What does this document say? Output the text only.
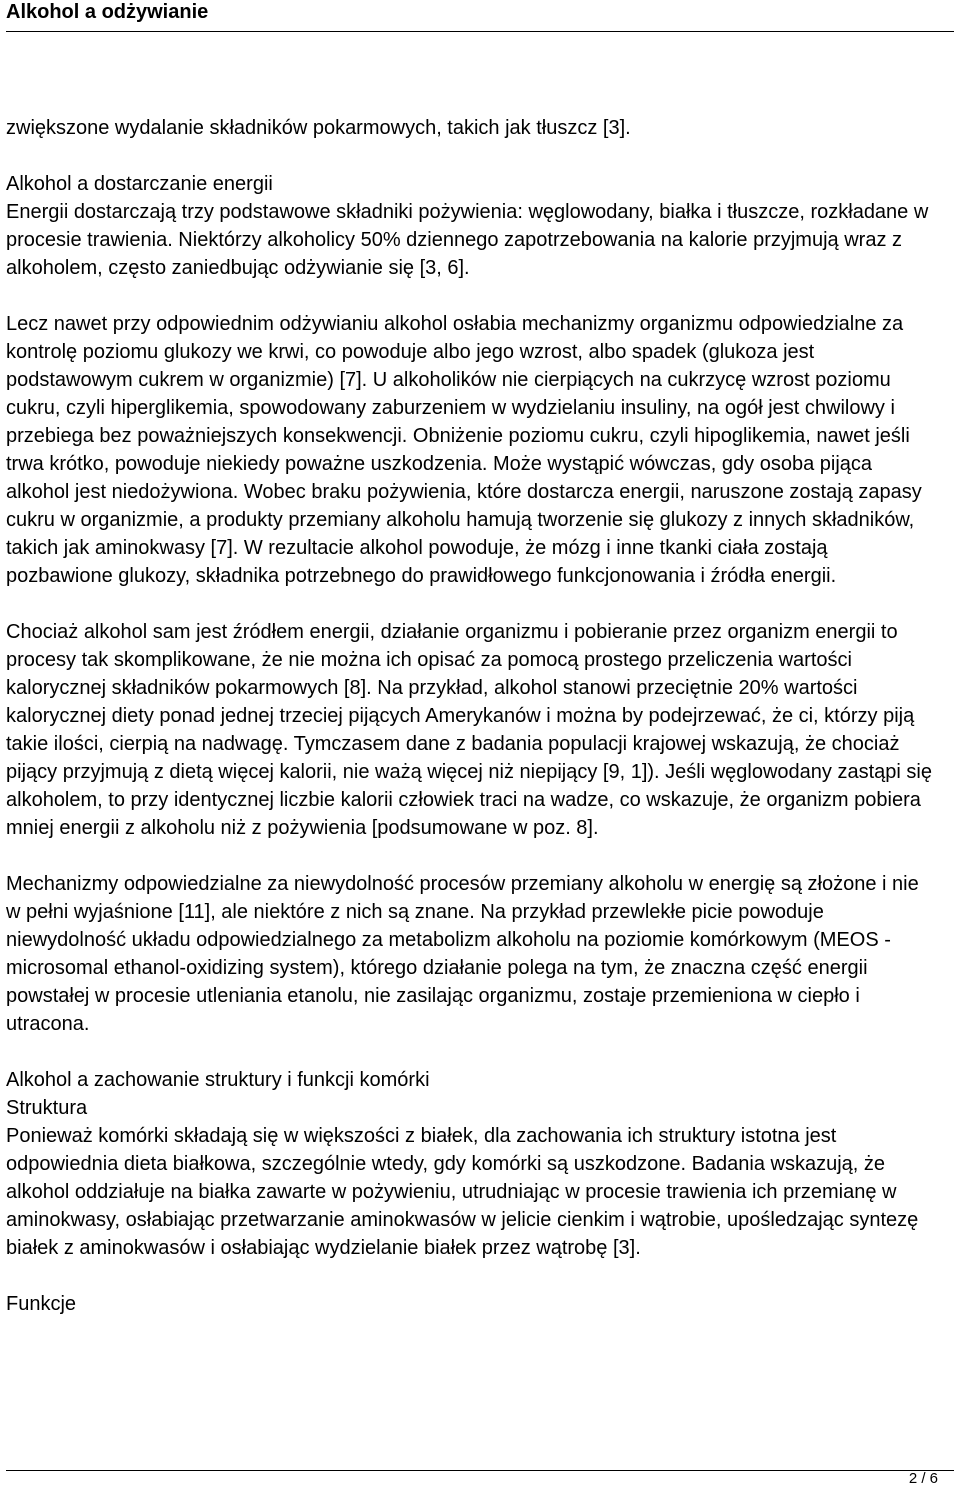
Alkohol a odżywianie

zwiększone wydalanie składników pokarmowych, takich jak tłuszcz [3].

Alkohol a dostarczanie energii
Energii dostarczają trzy podstawowe składniki pożywienia: węglowodany, białka i tłuszcze, rozkładane w procesie trawienia. Niektórzy alkoholicy 50% dziennego zapotrzebowania na kalorie przyjmują wraz z alkoholem, często zaniedbując odżywianie się [3, 6].

Lecz nawet przy odpowiednim odżywianiu alkohol osłabia mechanizmy organizmu odpowiedzialne za kontrolę poziomu glukozy we krwi, co powoduje albo jego wzrost, albo spadek (glukoza jest podstawowym cukrem w organizmie) [7]. U alkoholików nie cierpiących na cukrzycę wzrost poziomu cukru, czyli hiperglikemia, spowodowany zaburzeniem w wydzielaniu insuliny, na ogół jest chwilowy i przebiega bez poważniejszych konsekwencji. Obniżenie poziomu cukru, czyli hipoglikemia, nawet jeśli trwa krótko, powoduje niekiedy poważne uszkodzenia. Może wystąpić wówczas, gdy osoba pijąca alkohol jest niedożywiona. Wobec braku pożywienia, które dostarcza energii, naruszone zostają zapasy cukru w organizmie, a produkty przemiany alkoholu hamują tworzenie się glukozy z innych składników, takich jak aminokwasy [7]. W rezultacie alkohol powoduje, że mózg i inne tkanki ciała zostają pozbawione glukozy, składnika potrzebnego do prawidłowego funkcjonowania i źródła energii.

Chociaż alkohol sam jest źródłem energii, działanie organizmu i pobieranie przez organizm energii to procesy tak skomplikowane, że nie można ich opisać za pomocą prostego przeliczenia wartości kalorycznej składników pokarmowych [8]. Na przykład, alkohol stanowi przeciętnie 20% wartości kalorycznej diety ponad jednej trzeciej pijących Amerykanów i można by podejrzewać, że ci, którzy piją takie ilości, cierpią na nadwagę. Tymczasem dane z badania populacji krajowej wskazują, że chociaż pijący przyjmują z dietą więcej kalorii, nie ważą więcej niż niepijący [9, 1]). Jeśli węglowodany zastąpi się alkoholem, to przy identycznej liczbie kalorii człowiek traci na wadze, co wskazuje, że organizm pobiera mniej energii z alkoholu niż z pożywienia [podsumowane w poz. 8].

Mechanizmy odpowiedzialne za niewydolność procesów przemiany alkoholu w energię są złożone i nie w pełni wyjaśnione [11], ale niektóre z nich są znane. Na przykład przewlekłe picie powoduje niewydolność układu odpowiedzialnego za metabolizm alkoholu na poziomie komórkowym (MEOS - microsomal ethanol-oxidizing system), którego działanie polega na tym, że znaczna część energii powstałej w procesie utleniania etanolu, nie zasilając organizmu, zostaje przemieniona w ciepło i utracona.

Alkohol a zachowanie struktury i funkcji komórki
Struktura
Ponieważ komórki składają się w większości z białek, dla zachowania ich struktury istotna jest odpowiednia dieta białkowa, szczególnie wtedy, gdy komórki są uszkodzone. Badania wskazują, że alkohol oddziałuje na białka zawarte w pożywieniu, utrudniając w procesie trawienia ich przemianę w aminokwasy, osłabiając przetwarzanie aminokwasów w jelicie cienkim i wątrobie, upośledzając syntezę białek z aminokwasów i osłabiając wydzielanie białek przez wątrobę [3].

Funkcje

2 / 6
